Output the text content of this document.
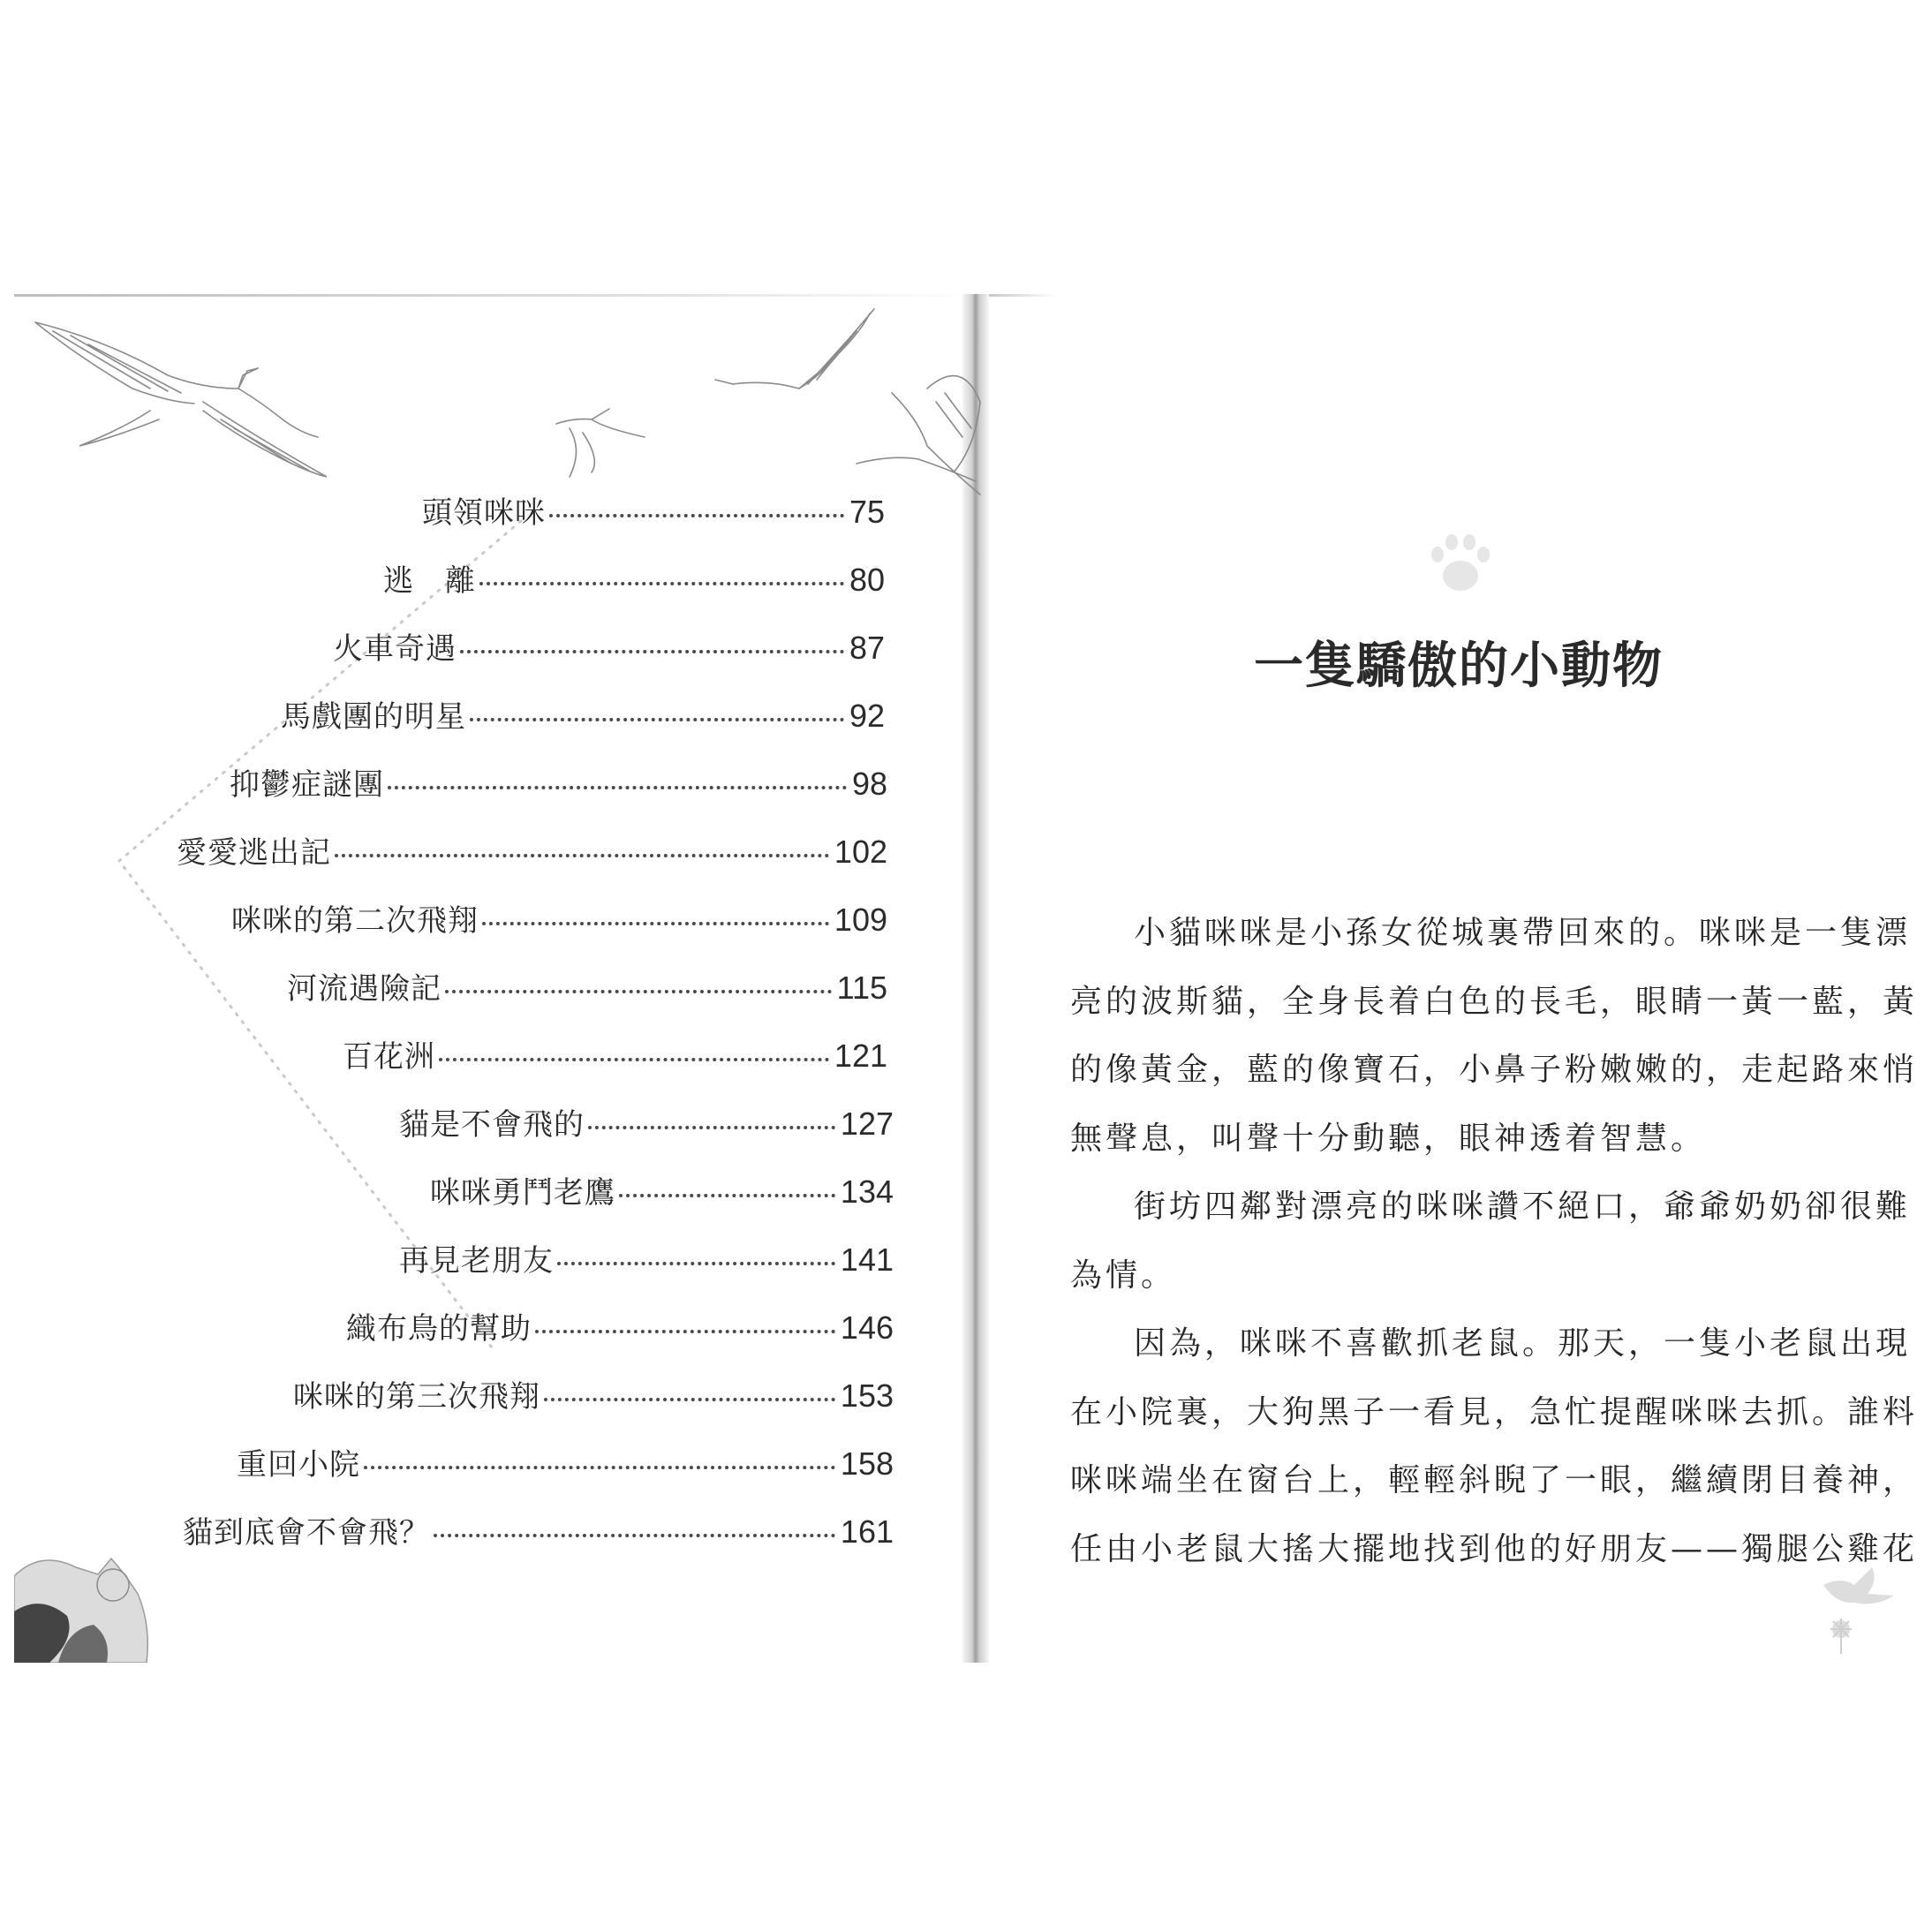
頭領咪咪	75
逃　離	80
火車奇遇	87
馬戲團的明星	92
抑鬱症謎團	98
愛愛逃出記	102
咪咪的第二次飛翔	109
河流遇險記	115
百花洲	121
貓是不會飛的	127
咪咪勇鬥老鷹	134
再見老朋友	141
織布鳥的幫助	146
咪咪的第三次飛翔	153
重回小院	158
貓到底會不會飛？	161
一隻驕傲的小動物
小貓咪咪是小孫女從城裏帶回來的。咪咪是一隻漂
亮的波斯貓，全身長着白色的長毛，眼睛一黃一藍，黃
的像黃金，藍的像寶石，小鼻子粉嫩嫩的，走起路來悄
無聲息，叫聲十分動聽，眼神透着智慧。
街坊四鄰對漂亮的咪咪讚不絕口，爺爺奶奶卻很難
為情。
因為，咪咪不喜歡抓老鼠。那天，一隻小老鼠出現
在小院裏，大狗黑子一看見，急忙提醒咪咪去抓。誰料
咪咪端坐在窗台上，輕輕斜睨了一眼，繼續閉目養神，
任由小老鼠大搖大擺地找到他的好朋友——獨腿公雞花
